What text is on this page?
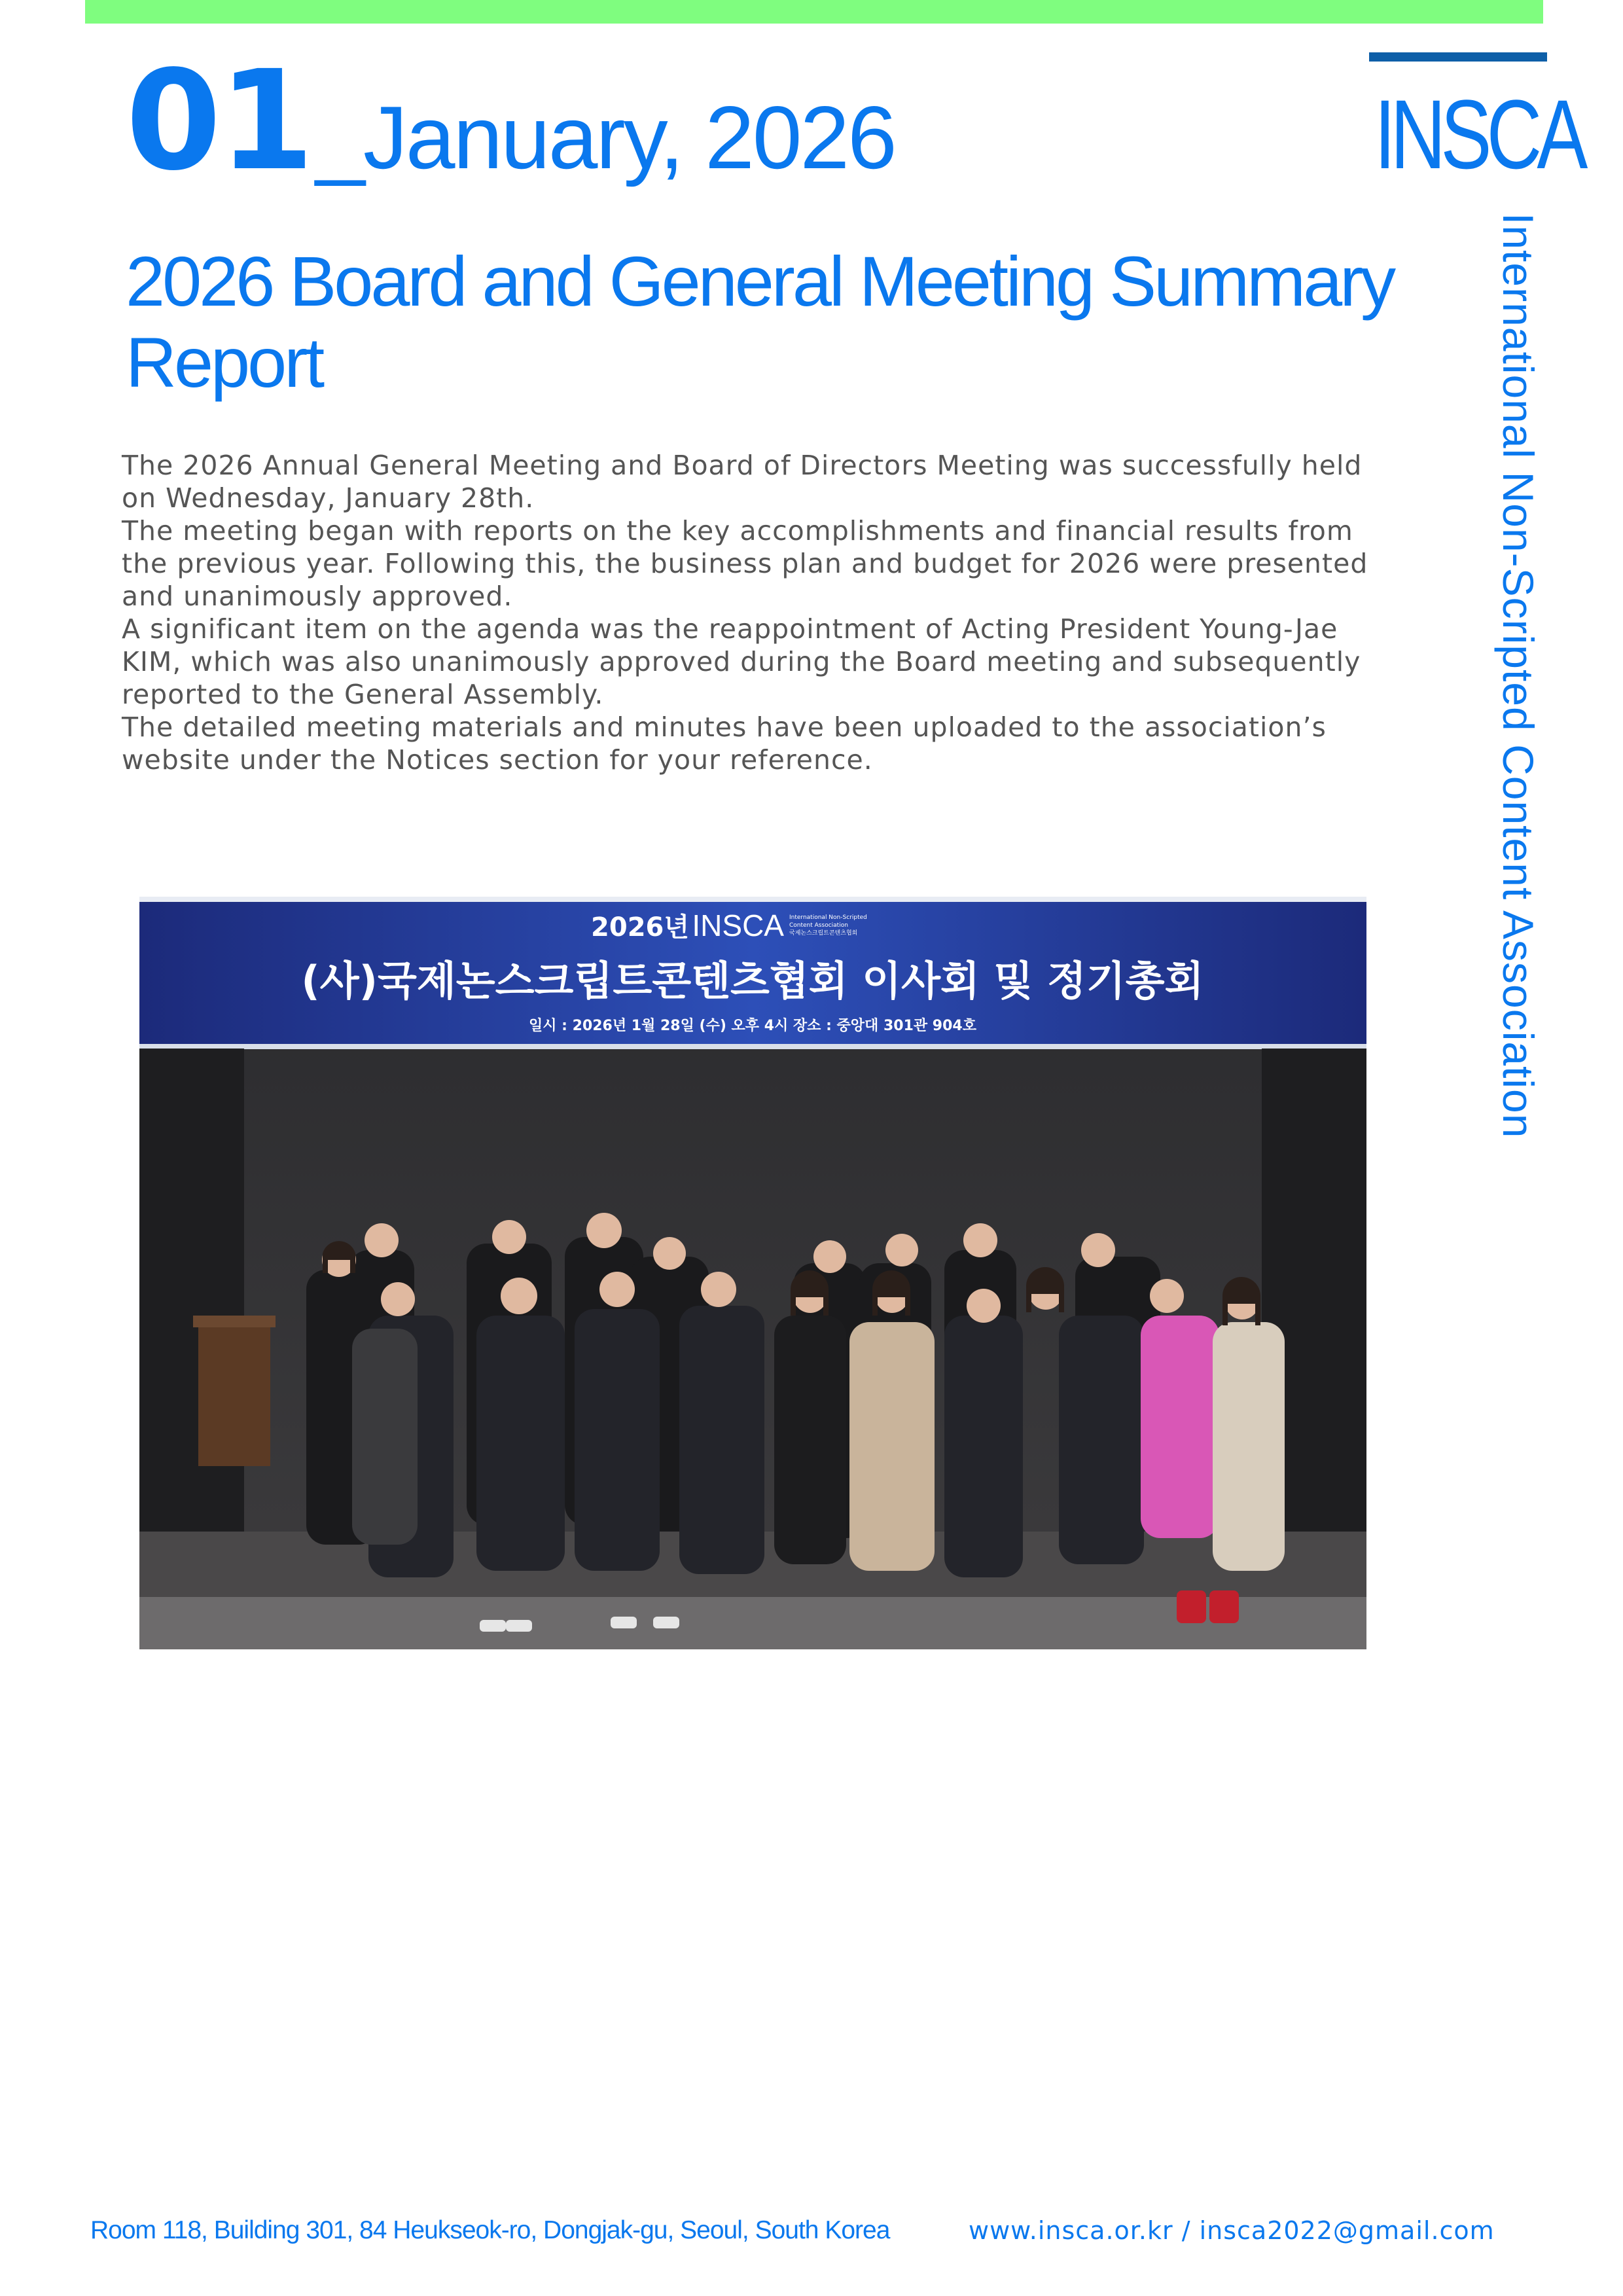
01 _January, 2026	INSCA
International Non-Scripted Content Association
2026 Board and General Meeting Summary Report

The 2026 Annual General Meeting and Board of Directors Meeting was successfully held on Wednesday, January 28th.

The meeting began with reports on the key accomplishments and financial results from the previous year. Following this, the business plan and budget for 2026 were presented and unanimously approved.

A significant item on the agenda was the reappointment of Acting President Young-Jae KIM, which was also unanimously approved during the Board meeting and subsequently reported to the General Assembly.

The detailed meeting materials and minutes have been uploaded to the association’s website under the Notices section for your reference.

2026년 INSCA International Non-Scripted
Content Association
국제논스크립트콘텐츠협회
(사)국제논스크립트콘텐츠협회 이사회 및 정기총회
일시 : 2026년 1월 28일 (수) 오후 4시 장소 : 중앙대 301관 904호
Room 118, Building 301, 84 Heukseok-ro, Dongjak-gu, Seoul, South Korea	www.insca.or.kr / insca2022@gmail.com
